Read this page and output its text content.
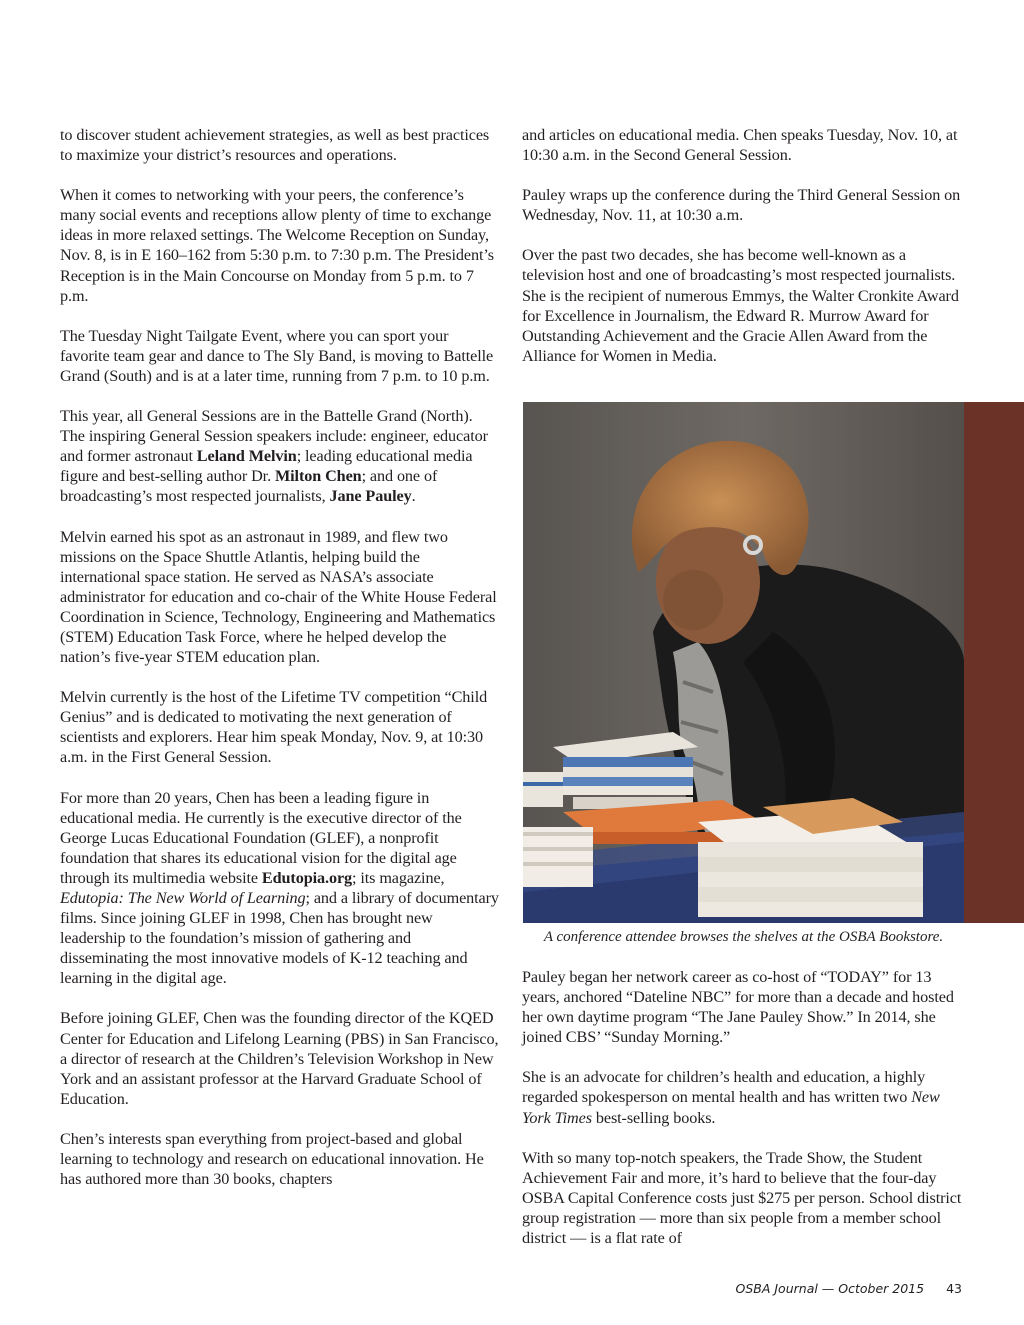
to discover student achievement strategies, as well as best practices to maximize your district’s resources and operations.

When it comes to networking with your peers, the conference’s many social events and receptions allow plenty of time to exchange ideas in more relaxed settings. The Welcome Reception on Sunday, Nov. 8, is in E 160–162 from 5:30 p.m. to 7:30 p.m. The President’s Reception is in the Main Concourse on Monday from 5 p.m. to 7 p.m.

The Tuesday Night Tailgate Event, where you can sport your favorite team gear and dance to The Sly Band, is moving to Battelle Grand (South) and is at a later time, running from 7 p.m. to 10 p.m.

This year, all General Sessions are in the Battelle Grand (North). The inspiring General Session speakers include: engineer, educator and former astronaut Leland Melvin; leading educational media figure and best-selling author Dr. Milton Chen; and one of broadcasting’s most respected journalists, Jane Pauley.

Melvin earned his spot as an astronaut in 1989, and flew two missions on the Space Shuttle Atlantis, helping build the international space station. He served as NASA’s associate administrator for education and co-chair of the White House Federal Coordination in Science, Technology, Engineering and Mathematics (STEM) Education Task Force, where he helped develop the nation’s five-year STEM education plan.

Melvin currently is the host of the Lifetime TV competition “Child Genius” and is dedicated to motivating the next generation of scientists and explorers. Hear him speak Monday, Nov. 9, at 10:30 a.m. in the First General Session.

For more than 20 years, Chen has been a leading figure in educational media. He currently is the executive director of the George Lucas Educational Foundation (GLEF), a nonprofit foundation that shares its educational vision for the digital age through its multimedia website Edutopia.org; its magazine, Edutopia: The New World of Learning; and a library of documentary films. Since joining GLEF in 1998, Chen has brought new leadership to the foundation’s mission of gathering and disseminating the most innovative models of K-12 teaching and learning in the digital age.

Before joining GLEF, Chen was the founding director of the KQED Center for Education and Lifelong Learning (PBS) in San Francisco, a director of research at the Children’s Television Workshop in New York and an assistant professor at the Harvard Graduate School of Education.

Chen’s interests span everything from project-based and global learning to technology and research on educational innovation. He has authored more than 30 books, chapters

and articles on educational media. Chen speaks Tuesday, Nov. 10, at 10:30 a.m. in the Second General Session.

Pauley wraps up the conference during the Third General Session on Wednesday, Nov. 11, at 10:30 a.m.

Over the past two decades, she has become well-known as a television host and one of broadcasting’s most respected journalists. She is the recipient of numerous Emmys, the Walter Cronkite Award for Excellence in Journalism, the Edward R. Murrow Award for Outstanding Achievement and the Gracie Allen Award from the Alliance for Women in Media.

A conference attendee browses the shelves at the OSBA Bookstore.

Pauley began her network career as co-host of “TODAY” for 13 years, anchored “Dateline NBC” for more than a decade and hosted her own daytime program “The Jane Pauley Show.” In 2014, she joined CBS’ “Sunday Morning.”

She is an advocate for children’s health and education, a highly regarded spokesperson on mental health and has written two New York Times best-selling books.

With so many top-notch speakers, the Trade Show, the Student Achievement Fair and more, it’s hard to believe that the four-day OSBA Capital Conference costs just $275 per person. School district group registration — more than six people from a member school district — is a flat rate of

OSBA Journal — October 2015 43
